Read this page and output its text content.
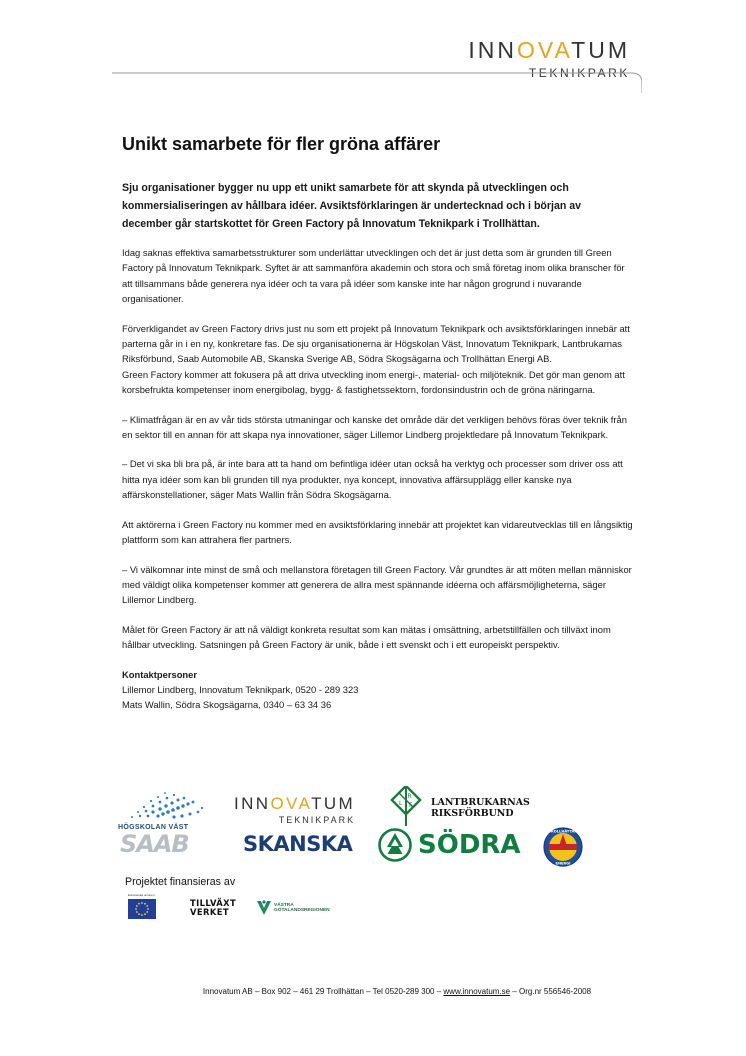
INNOVATUM
TEKNIKPARK
Unikt samarbete för fler gröna affärer
Sju organisationer bygger nu upp ett unikt samarbete för att skynda på utvecklingen och kommersialiseringen av hållbara idéer. Avsiktsförklaringen är undertecknad och i början av december går startskottet för Green Factory på Innovatum Teknikpark i Trollhättan.

Idag saknas effektiva samarbetsstrukturer som underlättar utvecklingen och det är just detta som är grunden till Green Factory på Innovatum Teknikpark. Syftet är att sammanföra akademin och stora och små företag inom olika branscher för att tillsammans både generera nya idéer och ta vara på idéer som kanske inte har någon grogrund i nuvarande organisationer.

Förverkligandet av Green Factory drivs just nu som ett projekt på Innovatum Teknikpark och avsiktsförklaringen innebär att parterna går in i en ny, konkretare fas. De sju organisationerna är Högskolan Väst, Innovatum Teknikpark, Lantbrukarnas Riksförbund, Saab Automobile AB, Skanska Sverige AB, Södra Skogsägarna och Trollhättan Energi AB.

Green Factory kommer att fokusera på att driva utveckling inom energi-, material- och miljöteknik. Det gör man genom att korsbefrukta kompetenser inom energibolag, bygg- & fastighetssektorn, fordonsindustrin och de gröna näringarna.

– Klimatfrågan är en av vår tids största utmaningar och kanske det område där det verkligen behövs föras över teknik från en sektor till en annan för att skapa nya innovationer, säger Lillemor Lindberg projektledare på Innovatum Teknikpark.

– Det vi ska bli bra på, är inte bara att ta hand om befintliga idéer utan också ha verktyg och processer som driver oss att hitta nya idéer som kan bli grunden till nya produkter, nya koncept, innovativa affärsupplägg eller kanske nya affärskonstellationer, säger Mats Wallin från Södra Skogsägarna.

Att aktörerna i Green Factory nu kommer med en avsiktsförklaring innebär att projektet kan vidareutvecklas till en långsiktig plattform som kan attrahera fler partners.

– Vi välkomnar inte minst de små och mellanstora företagen till Green Factory. Vår grundtes är att möten mellan människor med väldigt olika kompetenser kommer att generera de allra mest spännande idéerna och affärsmöjligheterna, säger Lillemor Lindberg.

Målet för Green Factory är att nå väldigt konkreta resultat som kan mätas i omsättning, arbetstillfällen och tillväxt inom hållbar utveckling. Satsningen på Green Factory är unik, både i ett svenskt och i ett europeiskt perspektiv.

Kontaktpersoner
Lillemor Lindberg, Innovatum Teknikpark, 0520 - 289 323
Mats Wallin, Södra Skogsägarna, 0340 – 63 34 36
HÖGSKOLAN VÄST
INNOVATUM
TEKNIKPARK
L
R
F LANTBRUKARNAS
RIKSFÖRBUND
SAAB	SKANSKA	SÖDRA	TROLLHÄTTAN
ENERGI
Projektet finansieras av
Europeiska unionen
TILLVÄXT
VERKET
VÄSTRA
GÖTALANDSREGIONEN
Innovatum AB – Box 902 – 461 29 Trollhättan – Tel 0520-289 300 – www.innovatum.se – Org.nr 556546-2008
